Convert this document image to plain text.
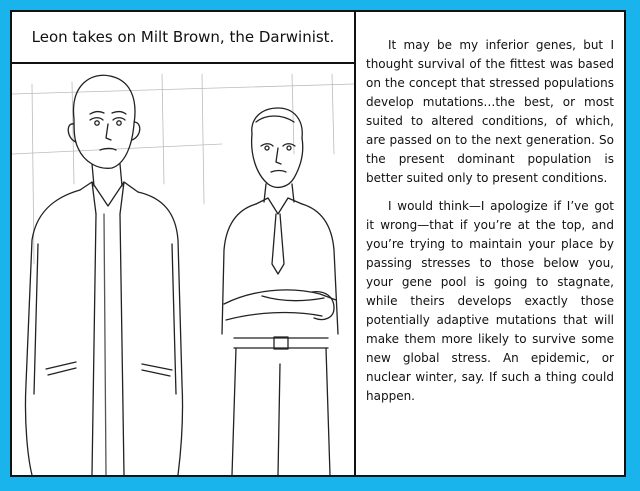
Leon takes on Milt Brown, the Darwinist.	It may be my inferior genes, but I thought survival of the fittest was based on the concept that stressed populations develop mutations…the best, or most suited to altered conditions, of which, are passed on to the next generation. So the present dominant population is better suited only to present conditions.

I would think—I apologize if I’ve got it wrong—that if you’re at the top, and you’re trying to maintain your place by passing stresses to those below you, your gene pool is going to stagnate, while theirs develops exactly those potentially adaptive mutations that will make them more likely to survive some new global stress. An epidemic, or nuclear winter, say. If such a thing could happen.
